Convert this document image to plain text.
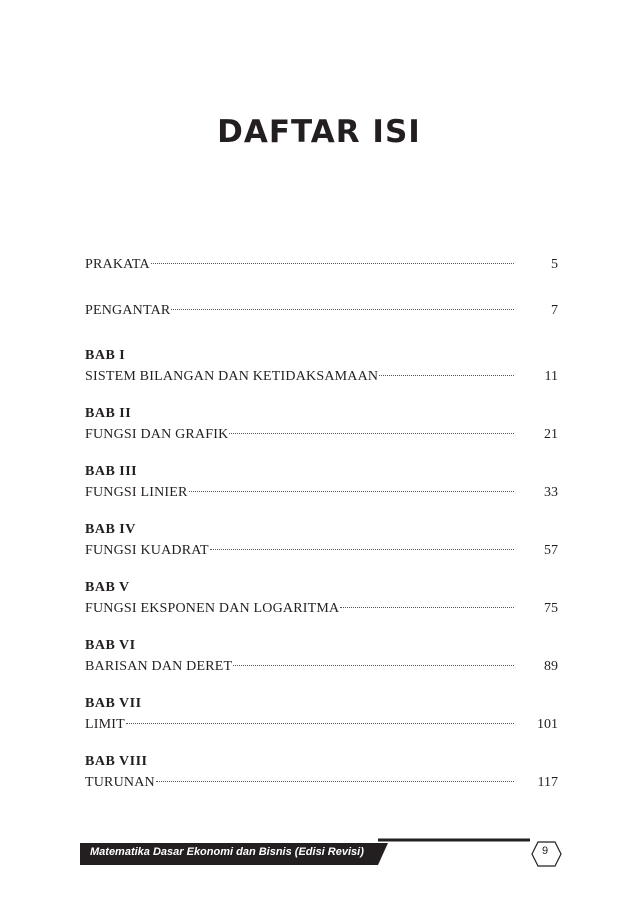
DAFTAR ISI
PRAKATA	5
PENGANTAR	7
BAB I
SISTEM BILANGAN DAN KETIDAKSAMAAN	11
BAB II
FUNGSI DAN GRAFIK	21
BAB III
FUNGSI LINIER	33
BAB IV
FUNGSI KUADRAT	57
BAB V
FUNGSI EKSPONEN DAN LOGARITMA	75
BAB VI
BARISAN DAN DERET	89
BAB VII
LIMIT	101
BAB VIII
TURUNAN	117
Matematika Dasar Ekonomi dan Bisnis (Edisi Revisi)	9
